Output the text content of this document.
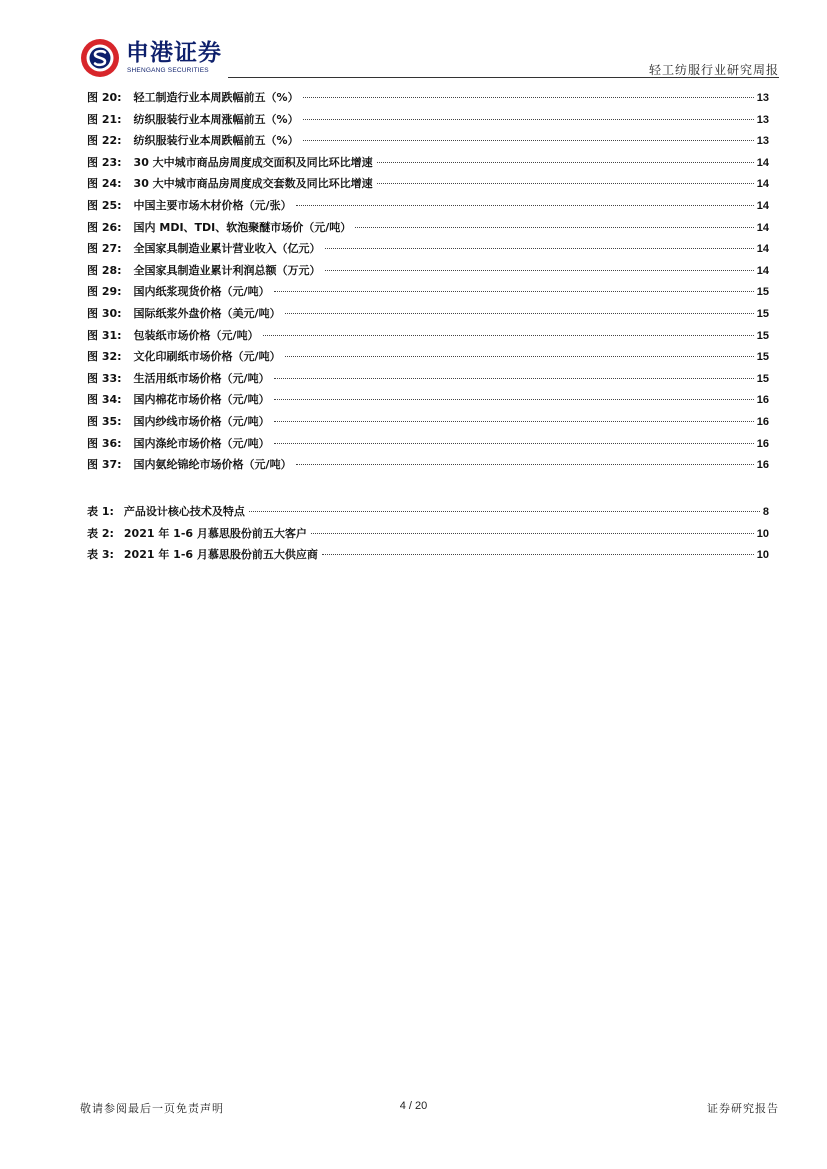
申港证券
SHENGANG SECURITIES	轻工纺服行业研究周报
图 20: 轻工制造行业本周跌幅前五（%）	13
图 21: 纺织服装行业本周涨幅前五（%）	13
图 22: 纺织服装行业本周跌幅前五（%）	13
图 23: 30 大中城市商品房周度成交面积及同比环比增速	14
图 24: 30 大中城市商品房周度成交套数及同比环比增速	14
图 25: 中国主要市场木材价格（元/张）	14
图 26: 国内 MDI、TDI、软泡聚醚市场价（元/吨）	14
图 27: 全国家具制造业累计营业收入（亿元）	14
图 28: 全国家具制造业累计利润总额（万元）	14
图 29: 国内纸浆现货价格（元/吨）	15
图 30: 国际纸浆外盘价格（美元/吨）	15
图 31: 包装纸市场价格（元/吨）	15
图 32: 文化印刷纸市场价格（元/吨）	15
图 33: 生活用纸市场价格（元/吨）	15
图 34: 国内棉花市场价格（元/吨）	16
图 35: 国内纱线市场价格（元/吨）	16
图 36: 国内涤纶市场价格（元/吨）	16
图 37: 国内氨纶锦纶市场价格（元/吨）	16
表 1: 产品设计核心技术及特点	8
表 2: 2021 年 1-6 月慕思股份前五大客户	10
表 3: 2021 年 1-6 月慕思股份前五大供应商	10
敬请参阅最后一页免责声明	4 / 20	证券研究报告
